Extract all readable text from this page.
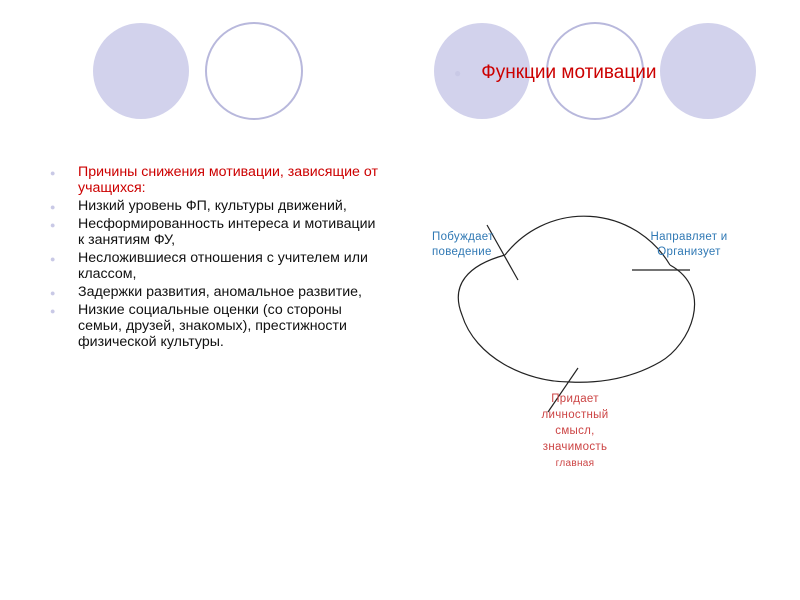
● Функции мотивации
● Причины снижения мотивации, зависящие от учащихся:
● Низкий уровень ФП, культуры движений,
● Несформированность интереса и мотивации к занятиям ФУ,
● Несложившиеся отношения с учителем или классом,
● Задержки развития, аномальное развитие,
● Низкие социальные оценки (со стороны семьи, друзей, знакомых), престижности физической культуры.

Побуждает
поведение

Направляет и
Организует

Придает
личностный
смысл,
значимость
главная
